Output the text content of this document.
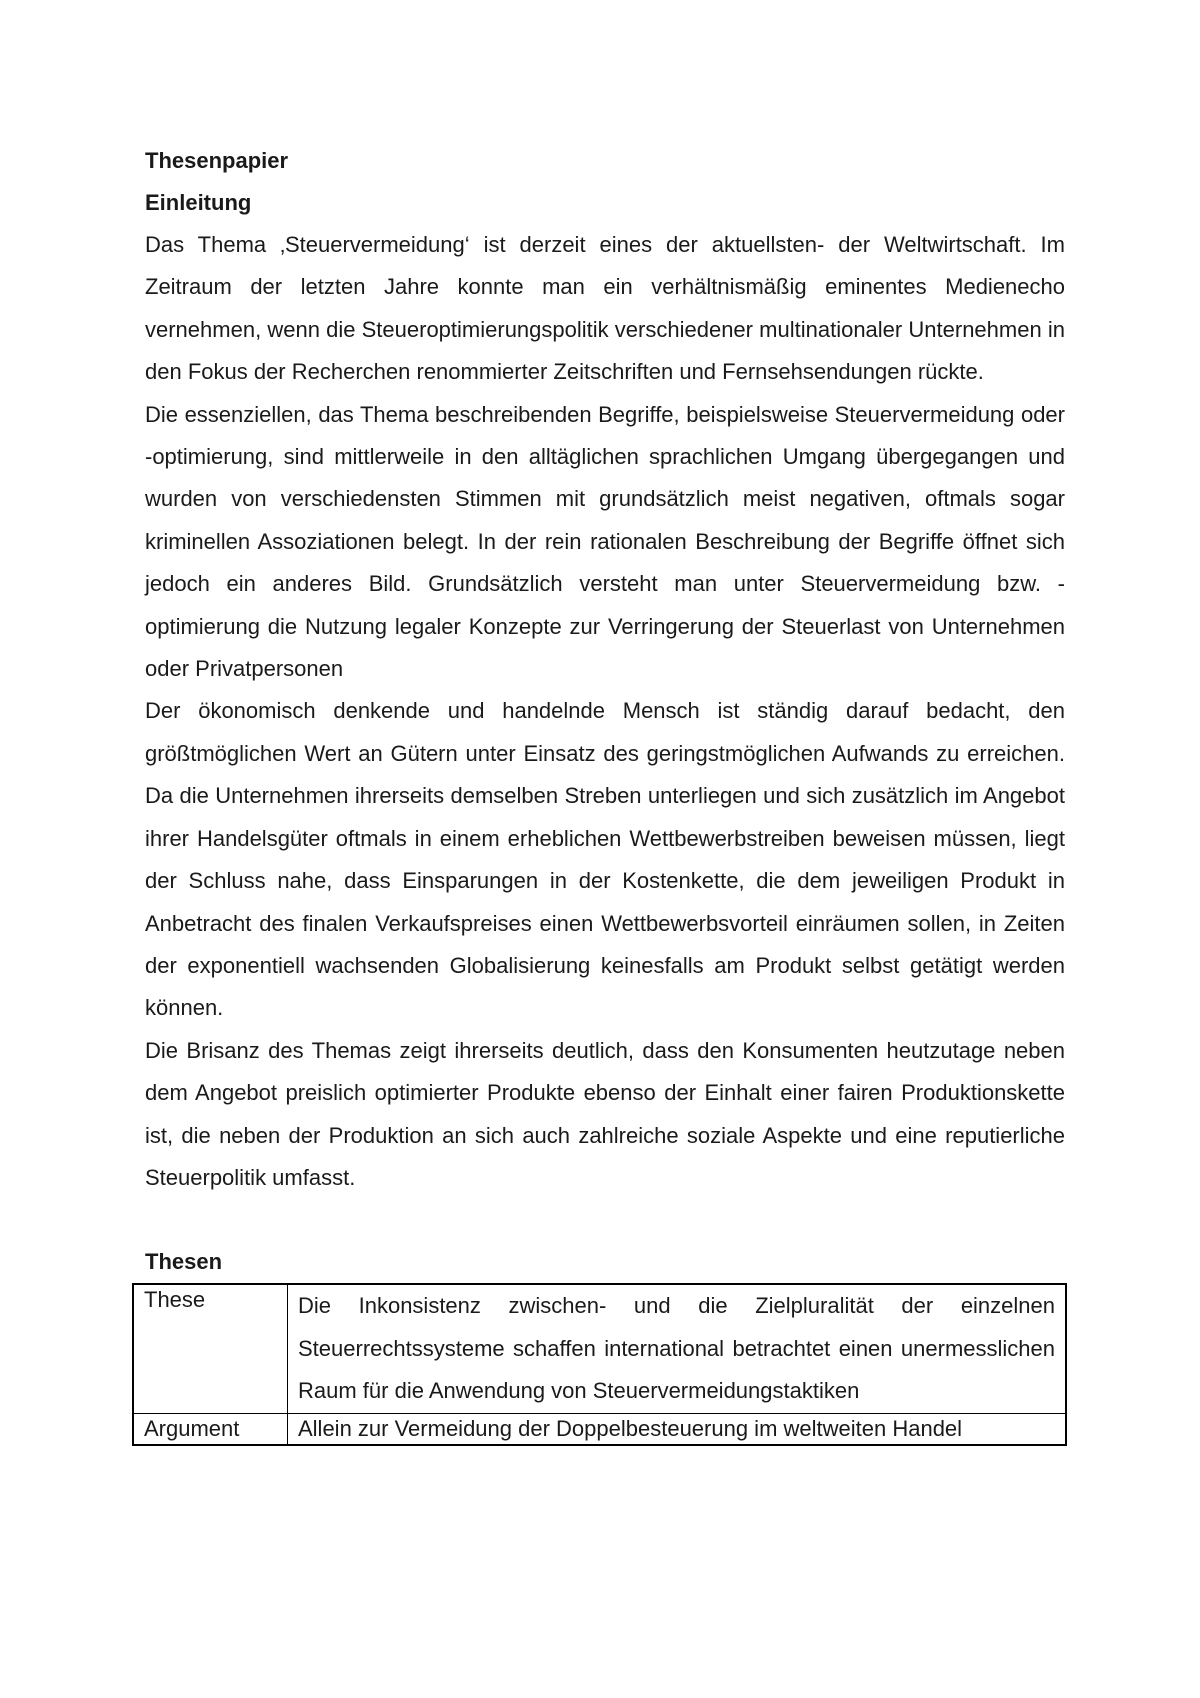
Thesenpapier

Einleitung

Das Thema ‚Steuervermeidung‘ ist derzeit eines der aktuellsten- der Weltwirtschaft. Im Zeitraum der letzten Jahre konnte man ein verhältnismäßig eminentes Medienecho vernehmen, wenn die Steueroptimierungspolitik verschiedener multinationaler Unternehmen in den Fokus der Recherchen renommierter Zeitschriften und Fernsehsendungen rückte.

Die essenziellen, das Thema beschreibenden Begriffe, beispielsweise Steuervermeidung oder -optimierung, sind mittlerweile in den alltäglichen sprachlichen Umgang übergegangen und wurden von verschiedensten Stimmen mit grundsätzlich meist negativen, oftmals sogar kriminellen Assoziationen belegt. In der rein rationalen Beschreibung der Begriffe öffnet sich jedoch ein anderes Bild. Grundsätzlich versteht man unter Steuervermeidung bzw. -optimierung die Nutzung legaler Konzepte zur Verringerung der Steuerlast von Unternehmen oder Privatpersonen

Der ökonomisch denkende und handelnde Mensch ist ständig darauf bedacht, den größtmöglichen Wert an Gütern unter Einsatz des geringstmöglichen Aufwands zu erreichen. Da die Unternehmen ihrerseits demselben Streben unterliegen und sich zusätzlich im Angebot ihrer Handelsgüter oftmals in einem erheblichen Wettbewerbstreiben beweisen müssen, liegt der Schluss nahe, dass Einsparungen in der Kostenkette, die dem jeweiligen Produkt in Anbetracht des finalen Verkaufspreises einen Wettbewerbsvorteil einräumen sollen, in Zeiten der exponentiell wachsenden Globalisierung keinesfalls am Produkt selbst getätigt werden können.

Die Brisanz des Themas zeigt ihrerseits deutlich, dass den Konsumenten heutzutage neben dem Angebot preislich optimierter Produkte ebenso der Einhalt einer fairen Produktionskette ist, die neben der Produktion an sich auch zahlreiche soziale Aspekte und eine reputierliche Steuerpolitik umfasst.

Thesen

These	Die Inkonsistenz zwischen- und die Zielpluralität der einzelnen Steuerrechtssysteme schaffen international betrachtet einen unermesslichen Raum für die Anwendung von Steuervermeidungstaktiken
Argument	Allein zur Vermeidung der Doppelbesteuerung im weltweiten Handel
